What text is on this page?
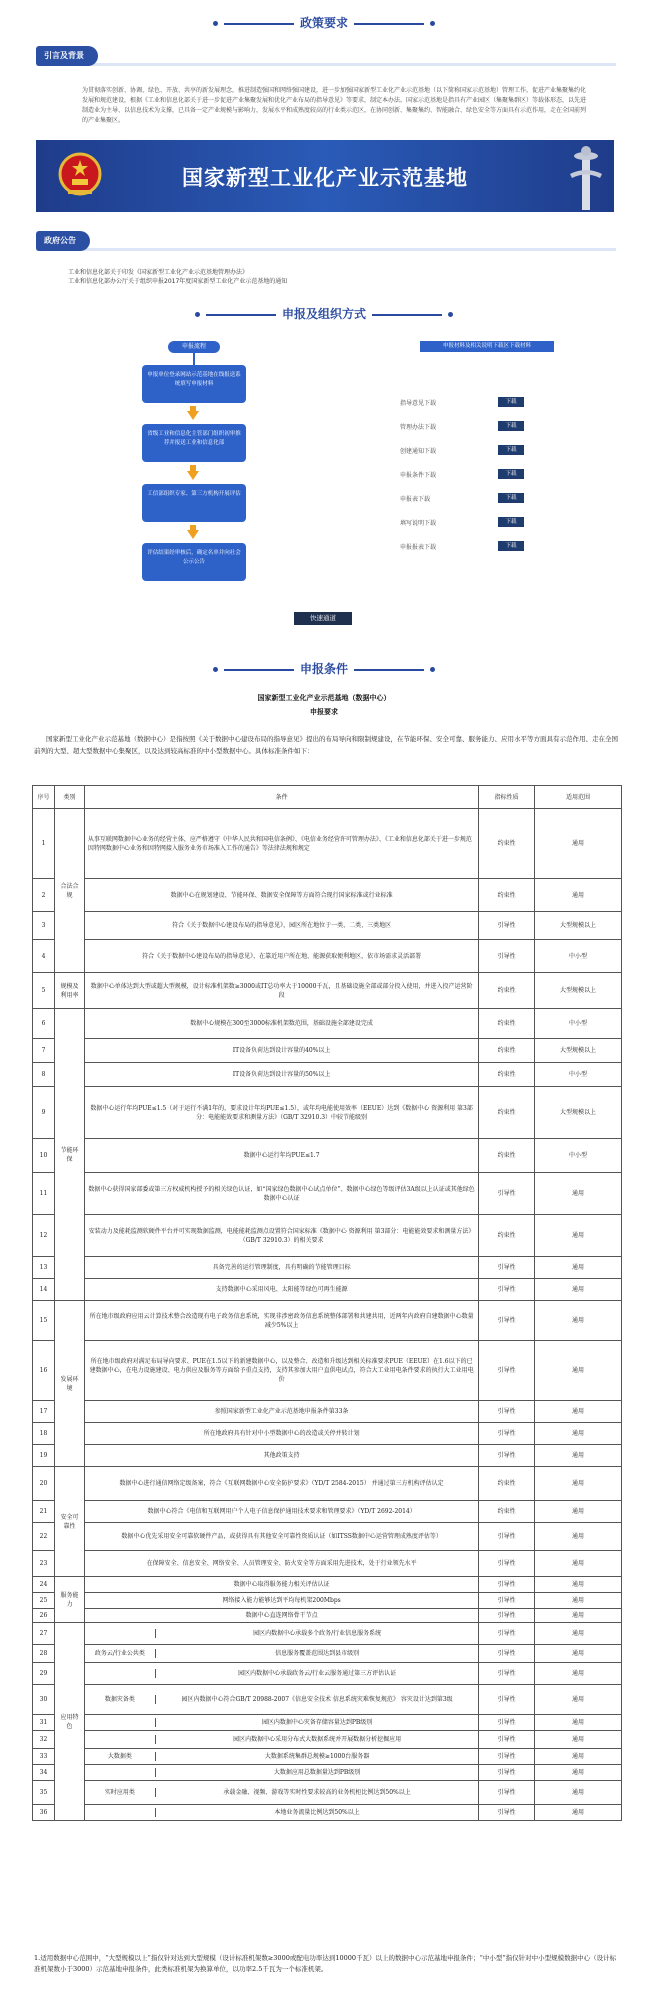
政策要求
引言及背景
为贯彻落实创新、协调、绿色、开放、共享的新发展理念，推进制造强国和网络强国建设，进一步加强国家新型工业化产业示范基地（以下简称国家示范基地）管理工作，促进产业集聚集约化发展和规范建设，根据《工业和信息化部关于进一步促进产业集聚发展和优化产业布局的指导意见》等要求，制定本办法。国家示范基地是指具有产业园区（集聚集群区）等载体形态，以先进制造业为主导、以信息技术为支撑，已具备一定产业规模与影响力，发展水平和成熟度较高的行业类示范区，在协同创新、集聚集约、智能融合、绿色安全等方面具有示范作用，走在全国前列的产业集聚区。
国家新型工业化产业示范基地
政府公告
工业和信息化部关于印发《国家新型工业化产业示范基地管理办法》
工业和信息化部办公厅关于组织申报2017年度国家新型工业化产业示范基地的通知
申报及组织方式
申报流程
申报单位登录网站示范基地在线报送系统填写申报材料
省级工业和信息化主管部门组织初审推荐并报送工业和信息化部
工信部组织专家、第三方机构开展评估
评估结果经审核后，确定名单并向社会公示公告
申报材料及相关说明下载区下载材料
指导意见下载	下载
管理办法下载	下载
创建通知下载	下载
申报条件下载	下载
申报表下载	下载
填写说明下载	下载
申报报表下载	下载
快速通道
申报条件
国家新型工业化产业示范基地（数据中心）
申报要求
国家新型工业化产业示范基地（数据中心）是指按照《关于数据中心建设布局的指导意见》提出的布局导向和限制规建设，在节能环保、安全可靠、服务能力、应用水平等方面具有示范作用、走在全国前列的大型、超大型数据中心集聚区，以及达到较高标准的中小型数据中心。具体标准条件如下：
序号	类别	条件	指标性质	适用范围
1	合法合规	从事互联网数据中心业务的经营主体，应严格遵守《中华人民共和国电信条例》、《电信业务经营许可管理办法》、《工业和信息化部关于进一步规范因特网数据中心业务和因特网接入服务业务市场准入工作的通告》等法律法规和规定	约束性	通用
2		数据中心在规划建设、节能环保、数据安全保障等方面符合现行国家标准或行业标准	约束性	通用
3		符合《关于数据中心建设布局的指导意见》，园区所在地位于一类、二类、三类地区	引导性	大型规模以上
4		符合《关于数据中心建设布局的指导意见》，在靠近用户所在地、能源获取便利地区，依市场需求灵活部署	引导性	中小型
5	规模及利用率	数据中心单体达到大型或超大型规模，设计标准机架数≥3000或IT总功率大于10000千瓦，且基础设施全部或部分投入使用，并进入投产运营阶段	约束性	大型规模以上
6	节能环保	数据中心规模在300至3000标准机架数范围，基础设施全部建设完成	约束性	中小型
7		IT设备负荷达到设计容量的40%以上	约束性	大型规模以上
8		IT设备负荷达到设计容量的50%以上	约束性	中小型
9		数据中心运行年均PUE≤1.5（对于运行不满1年的，要求设计年均PUE≤1.5），或年均电能使用效率（EEUE）达到《数据中心 资源利用 第3部分：电能能效要求和测量方法》（GB/T 32910.3）中较节能级别	约束性	大型规模以上
10		数据中心运行年均PUE≤1.7	约束性	中小型
11		数据中心获得国家部委或第三方权威机构授予的相关绿色认证，如“国家绿色数据中心试点单位”、数据中心绿色等级评估3A级以上认证或其他绿色数据中心认证	引导性	通用
12		安装动力及能耗监测软硬件平台并可实现数据监测，电能能耗监测点设置符合国家标准《数据中心 资源利用 第3部分：电能能效要求和测量方法》（GB/T 32910.3）的相关要求	约束性	通用
13		具备完善的运行管理制度，具有明确的节能管理目标	引导性	通用
14		支持数据中心采用风电、太阳能等绿色可再生能源	引导性	通用
15	发展环境	所在地市级政府应用云计算技术整合改造现有电子政务信息系统，实现非涉密政务信息系统整体部署和共建共用，近两年内政府自建数据中心数量减少5%以上	引导性	通用
16		所在地市级政府对满足布局导向要求、PUE在1.5以下的新建数据中心，以及整合、改造和升级达到相关标准要求PUE（EEUE）在1.6以下的已建数据中心，在电力设施建设、电力供应及服务等方面给予重点支持，支持其参加大用户直供电试点，符合大工业用电条件要求的执行大工业用电价	引导性	通用
17		参照国家新型工业化产业示范基地申报条件第33条	引导性	通用
18		所在地政府具有针对中小型数据中心的改造或关停并转计划	引导性	通用
19		其他政策支持	引导性	通用
20	安全可靠性	数据中心进行通信网络定级备案，符合《互联网数据中心安全防护要求》（YD/T 2584-2015） 并通过第三方机构评估认定	约束性	通用
21		数据中心符合《电信和互联网用户个人电子信息保护通用技术要求和管理要求》（YD/T 2692-2014）	约束性	通用
22		数据中心优先采用安全可靠软硬件产品，或获得具有其他安全可靠性资质认证（如ITSS数据中心运营管理成熟度评估等）	引导性	通用
23		在保障安全、信息安全、网络安全、人员管理安全、防火安全等方面采用先进技术，处于行业领先水平	引导性	通用
24	服务能力	数据中心取得服务能力相关评估认证	引导性	通用
25		网络接入能力能够达到平均每机架200Mbps	引导性	通用
26		数据中心直连网络骨干节点	引导性	通用
27	应用特色	园区内数据中心承载多个政务/行业信息服务系统	引导性	通用
28		政务云/行业公共类 信息服务覆盖范围达到县市级别	引导性	通用
29		园区内数据中心承载政务云/行业云服务通过第三方评估认证	引导性	通用
30		数据灾备类 园区内数据中心符合GB/T 20988-2007《信息安全技术 信息系统灾难恢复规范》 容灾设计达到第3级	引导性	通用
31		园区内数据中心灾备存储容量达到PB级别	引导性	通用
32		园区内数据中心采用分布式大数据系统并开展数据分析挖掘应用	引导性	通用
33		大数据类 大数据系统集群总规模≥1000台服务器	引导性	通用
34		大数据应用总数据量达到PB级别	引导性	通用
35		实时应用类 承载金融、视频、游戏等实时性要求较高的业务机柜比例达到50%以上	引导性	通用
36		本地业务流量比例达到50%以上	引导性	通用
1.适用数据中心范围中，“大型规模以上”指仅针对达到大型规模（设计标准机架数≥3000或配电功率达到10000千瓦）以上的数据中心示范基地申报条件；“中小型”指仅针对中小型规模数据中心（设计标准机架数小于3000）示范基地申报条件，此类标准机架为换算单位，以功率2.5千瓦为一个标准机架。
